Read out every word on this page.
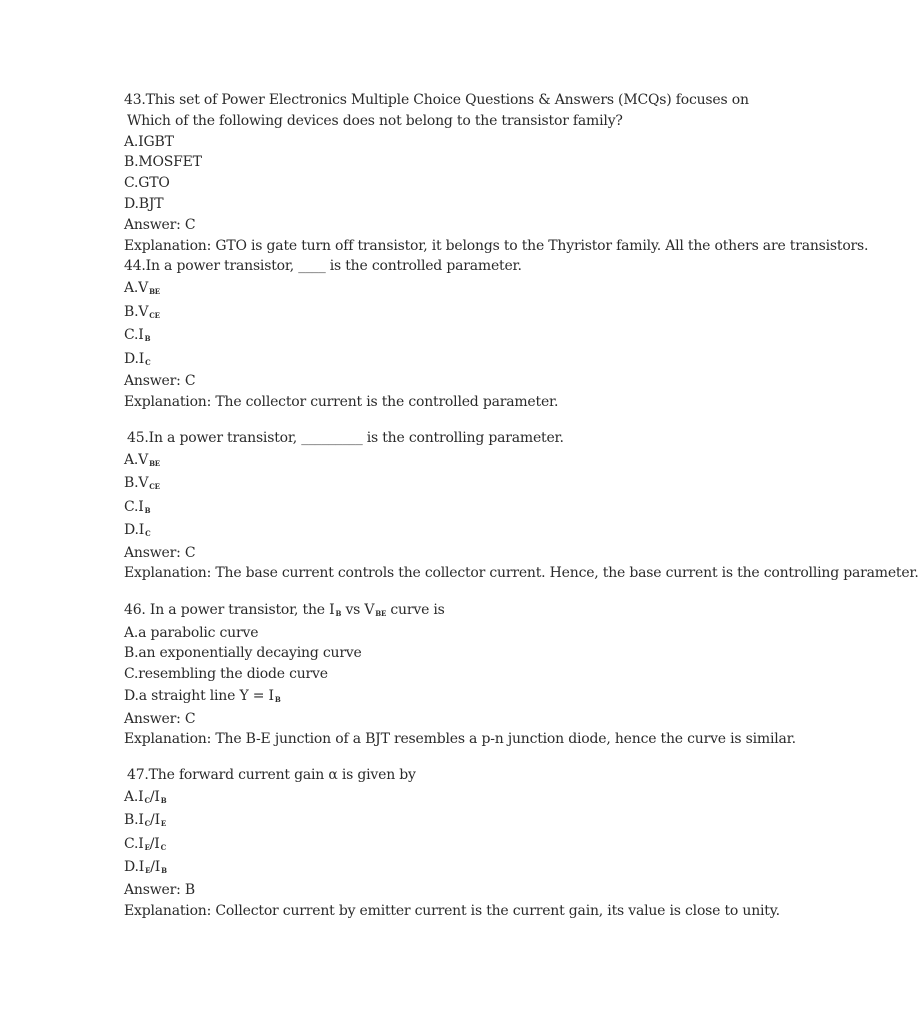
43.This set of Power Electronics Multiple Choice Questions & Answers (MCQs) focuses on
Which of the following devices does not belong to the transistor family?
A.IGBT
B.MOSFET
C.GTO
D.BJT
Answer: C
Explanation: GTO is gate turn off transistor, it belongs to the Thyristor family. All the others are transistors.
44.In a power transistor, ____ is the controlled parameter.
$A.V_{BE}$
$B.V_{CE}$
$C.I_B$
$D.I_C$
Answer: C
Explanation: The collector current is the controlled parameter.
45.In a power transistor, _________ is the controlling parameter.
$A.V_{BE}$
$B.V_{CE}$
$C.I_B$
$D.I_C$
Answer: C
Explanation: The base current controls the collector current. Hence, the base current is the controlling parameter.
46. In a power transistor, the $I_B$ vs $V_{BE}$ curve is
A.a parabolic curve
B.an exponentially decaying curve
C.resembling the diode curve
D.a straight line $Y = I_B$
Answer: C
Explanation: The B-E junction of a BJT resembles a p-n junction diode, hence the curve is similar.
47.The forward current gain α is given by
$A.I_C/I_B$
$B.I_C/I_E$
$C.I_E/I_C$
$D.I_E/I_B$
Answer: B
Explanation: Collector current by emitter current is the current gain, its value is close to unity.
